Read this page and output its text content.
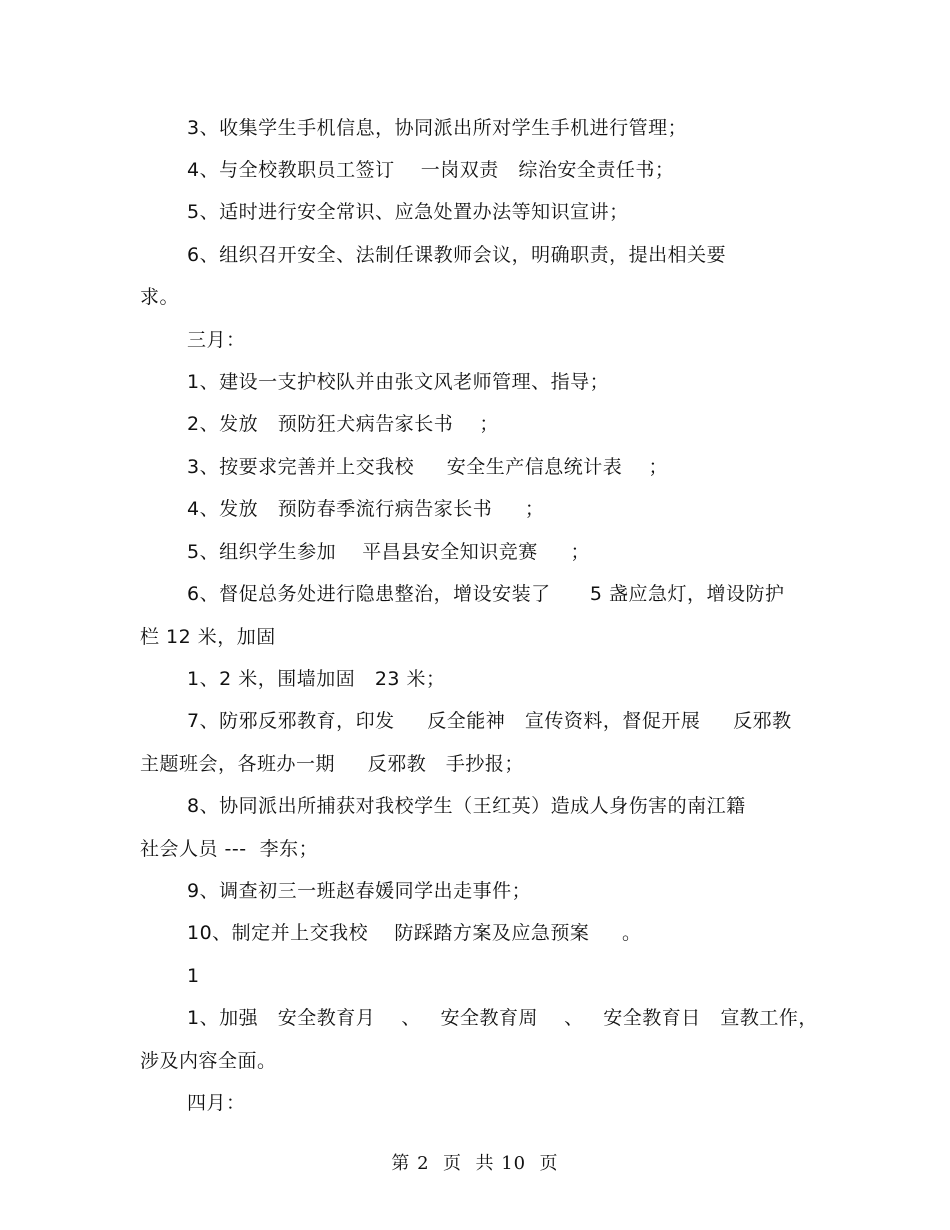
3、收集学生手机信息，协同派出所对学生手机进行管理；
4、与全校教职员工签订    一岗双责   综治安全责任书；
5、适时进行安全常识、应急处置办法等知识宣讲；
6、组织召开安全、法制任课教师会议，明确职责，提出相关要
求。
三月：
1、建设一支护校队并由张文风老师管理、指导；
2、发放   预防狂犬病告家长书    ；
3、按要求完善并上交我校     安全生产信息统计表    ；
4、发放   预防春季流行病告家长书     ；
5、组织学生参加    平昌县安全知识竞赛     ；
6、督促总务处进行隐患整治，增设安装了      5 盏应急灯，增设防护
栏 12 米，加固
1、2 米，围墙加固   23 米；
7、防邪反邪教育，印发     反全能神   宣传资料，督促开展     反邪教
主题班会，各班办一期     反邪教   手抄报；
8、协同派出所捕获对我校学生（王红英）造成人身伤害的南江籍
社会人员 ---  李东；
9、调查初三一班赵春媛同学出走事件；
10、制定并上交我校    防踩踏方案及应急预案     。
1
1、加强   安全教育月    、   安全教育周    、   安全教育日   宣教工作，
涉及内容全面。
四月：
第 2  页  共 10  页
